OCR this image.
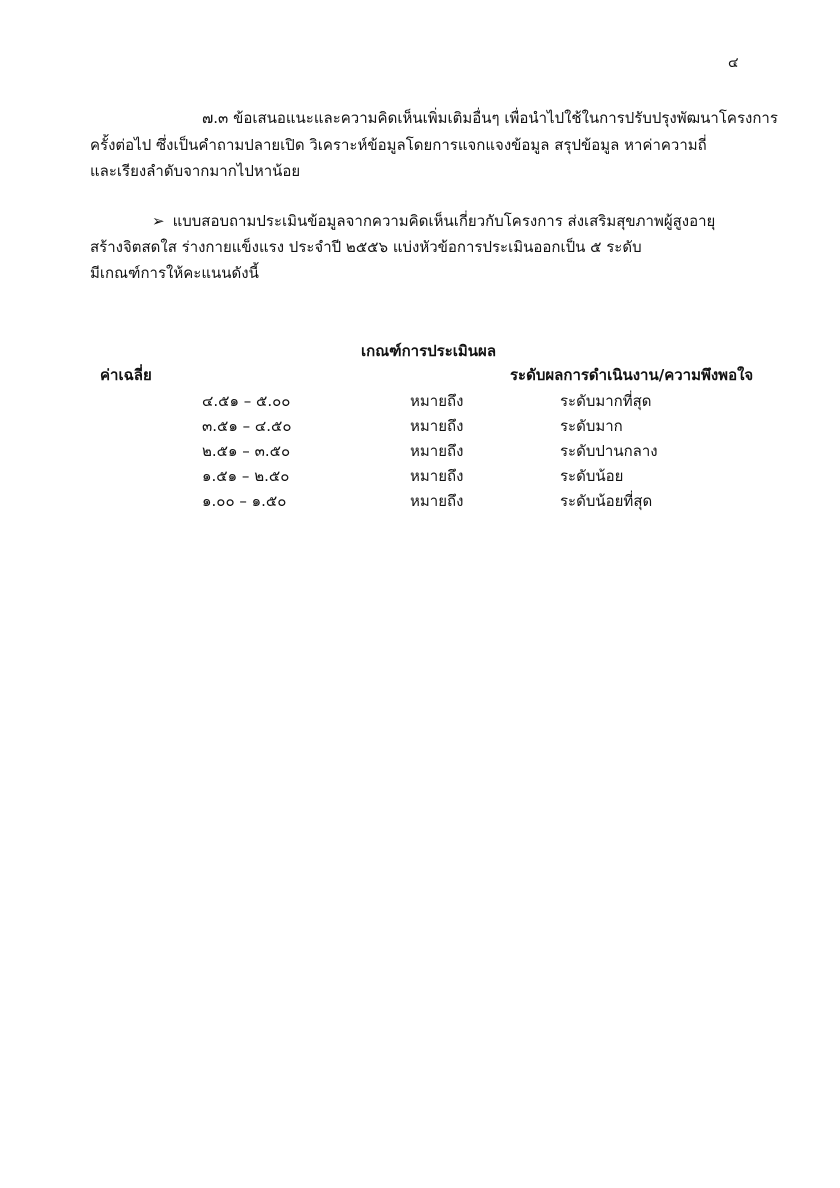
๔
๗.๓ ข้อเสนอแนะและความคิดเห็นเพิ่มเติมอื่นๆ เพื่อนำไปใช้ในการปรับปรุงพัฒนาโครงการ
ครั้งต่อไป ซึ่งเป็นคำถามปลายเปิด วิเคราะห์ข้อมูลโดยการแจกแจงข้อมูล สรุปข้อมูล หาค่าความถี่
และเรียงลำดับจากมากไปหาน้อย
➢ แบบสอบถามประเมินข้อมูลจากความคิดเห็นเกี่ยวกับโครงการ ส่งเสริมสุขภาพผู้สูงอายุ
สร้างจิตสดใส ร่างกายแข็งแรง ประจำปี ๒๕๕๖ แบ่งหัวข้อการประเมินออกเป็น ๕ ระดับ
มีเกณฑ์การให้คะแนนดังนี้
เกณฑ์การประเมินผล
ค่าเฉลี่ย	ระดับผลการดำเนินงาน/ความพึงพอใจ
๔.๕๑ – ๕.๐๐	หมายถึง	ระดับมากที่สุด
๓.๕๑ – ๔.๕๐	หมายถึง	ระดับมาก
๒.๕๑ – ๓.๕๐	หมายถึง	ระดับปานกลาง
๑.๕๑ – ๒.๕๐	หมายถึง	ระดับน้อย
๑.๐๐ – ๑.๕๐	หมายถึง	ระดับน้อยที่สุด
